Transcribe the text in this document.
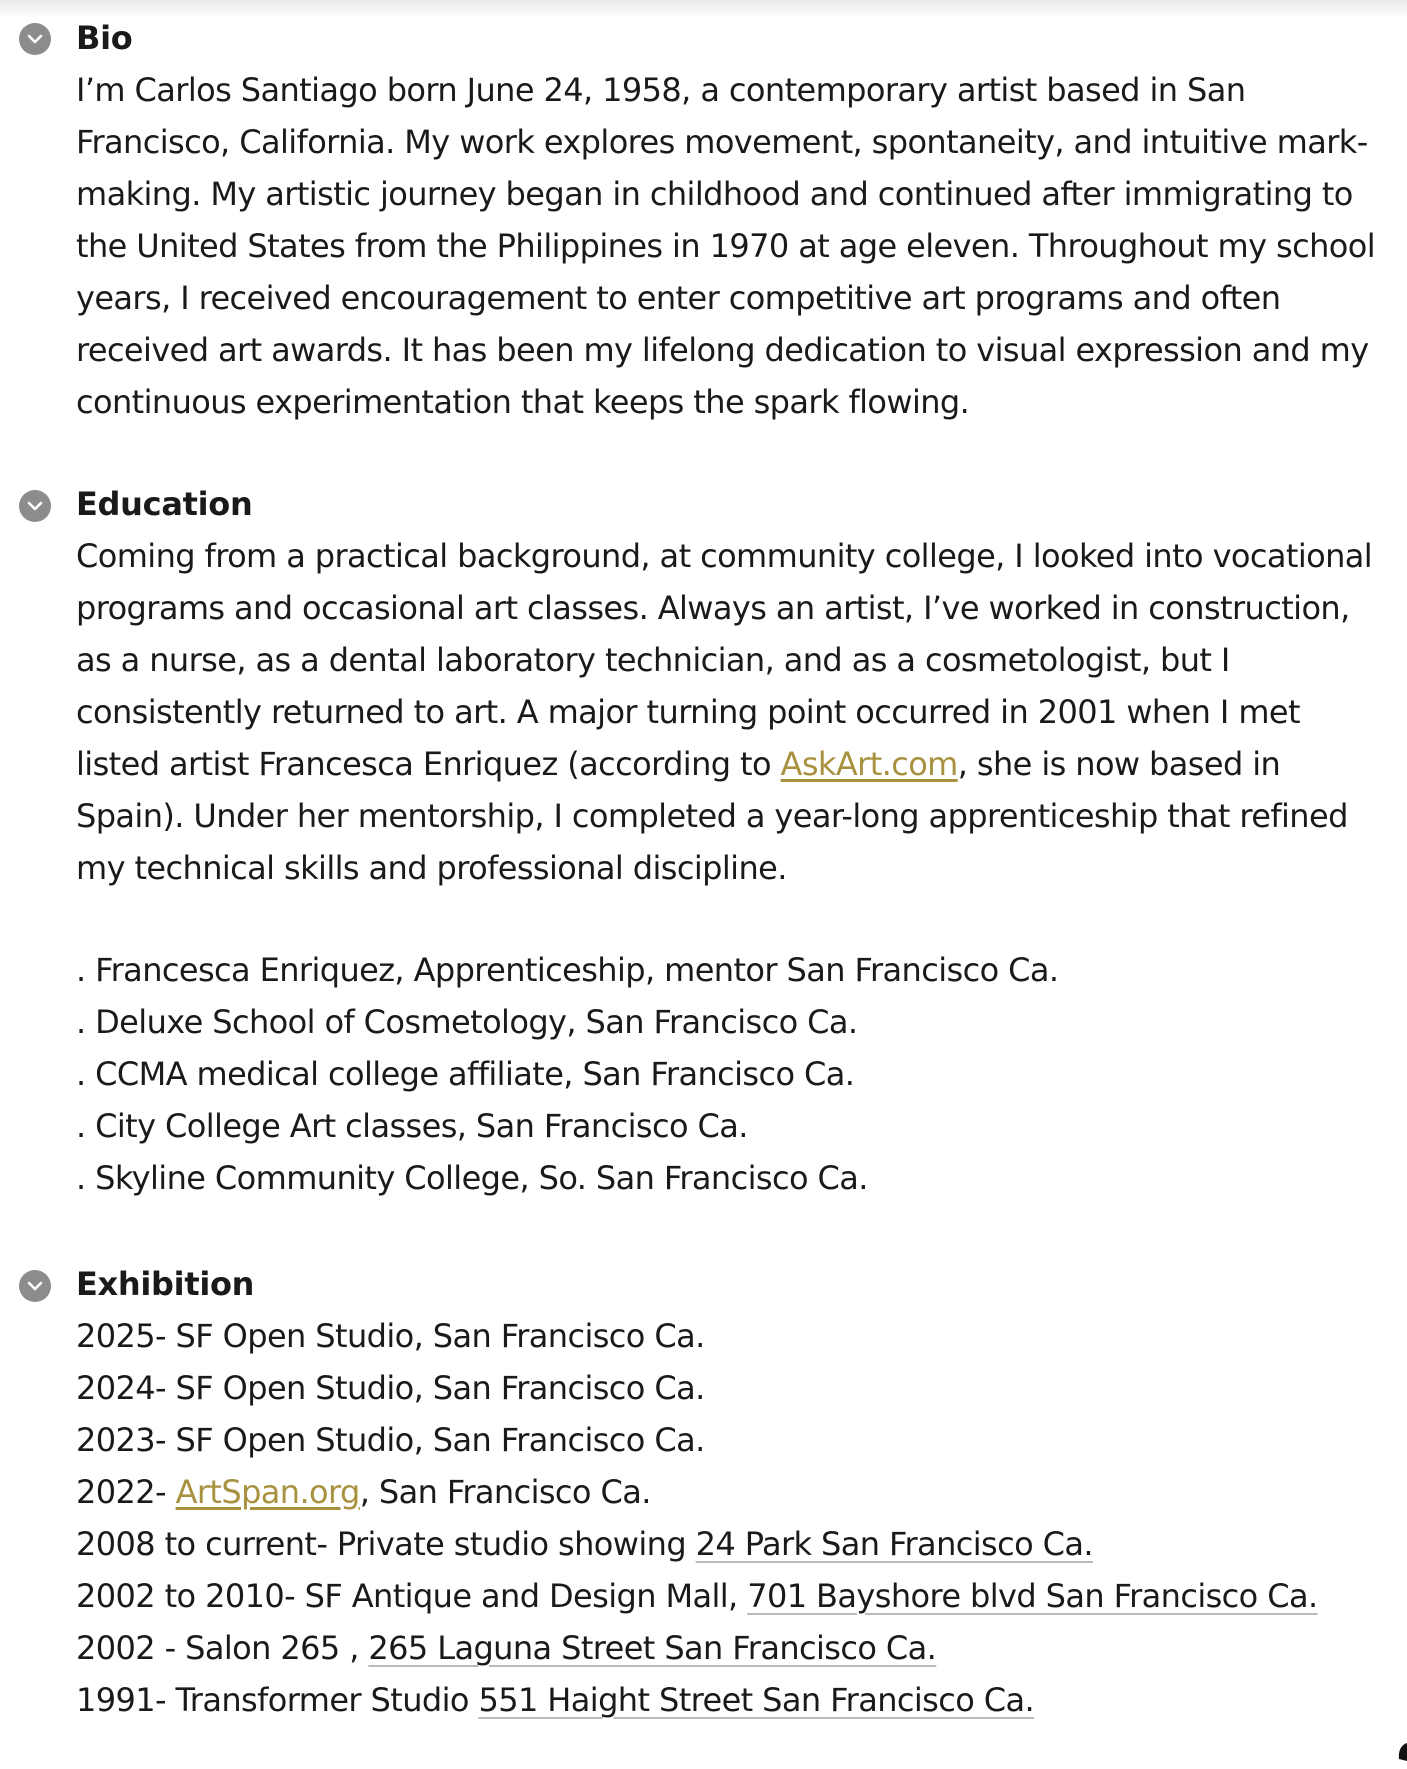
Bio

I’m Carlos Santiago born June 24, 1958, a contemporary artist based in San
Francisco, California. My work explores movement, spontaneity, and intuitive mark-
making. My artistic journey began in childhood and continued after immigrating to
the United States from the Philippines in 1970 at age eleven. Throughout my school
years, I received encouragement to enter competitive art programs and often
received art awards. It has been my lifelong dedication to visual expression and my
continuous experimentation that keeps the spark flowing.

Education

Coming from a practical background, at community college, I looked into vocational
programs and occasional art classes. Always an artist, I’ve worked in construction,
as a nurse, as a dental laboratory technician, and as a cosmetologist, but I
consistently returned to art. A major turning point occurred in 2001 when I met
listed artist Francesca Enriquez (according to AskArt.com, she is now based in
Spain). Under her mentorship, I completed a year-long apprenticeship that refined
my technical skills and professional discipline.

. Francesca Enriquez, Apprenticeship, mentor San Francisco Ca.
. Deluxe School of Cosmetology, San Francisco Ca.
. CCMA medical college affiliate, San Francisco Ca.
. City College Art classes, San Francisco Ca.
. Skyline Community College, So. San Francisco Ca.

Exhibition

2025- SF Open Studio, San Francisco Ca.
2024- SF Open Studio, San Francisco Ca.
2023- SF Open Studio, San Francisco Ca.
2022- ArtSpan.org, San Francisco Ca.
2008 to current- Private studio showing 24 Park San Francisco Ca.
2002 to 2010- SF Antique and Design Mall, 701 Bayshore blvd San Francisco Ca.
2002 - Salon 265 , 265 Laguna Street San Francisco Ca.
1991- Transformer Studio 551 Haight Street San Francisco Ca.
